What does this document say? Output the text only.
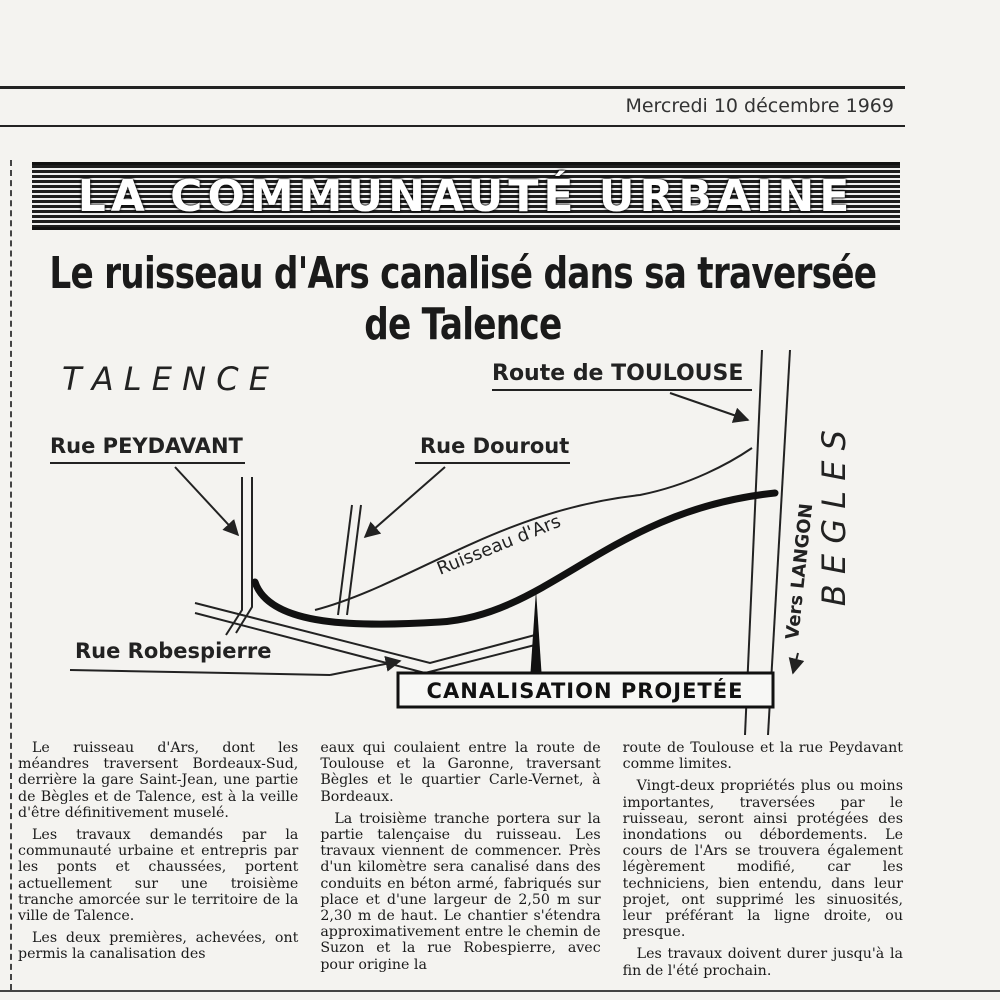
Mercredi 10 décembre 1969
LA COMMUNAUTÉ URBAINE
Le ruisseau d'Ars canalisé dans sa traversée de Talence
T A L E N C E	Route de TOULOUSE
Rue PEYDAVANT	Rue Dourout
Ruisseau d'Ars	B E G L E S
Vers LANGON
Rue Robespierre
CANALISATION PROJETÉE

Le ruisseau d'Ars, dont les méandres traversent Bordeaux-Sud, derrière la gare Saint-Jean, une partie de Bègles et de Talence, est à la veille d'être définitivement muselé.

Les travaux demandés par la communauté urbaine et entrepris par les ponts et chaussées, portent actuellement sur une troisième tranche amorcée sur le territoire de la ville de Talence.

Les deux premières, achevées, ont permis la canalisation des

eaux qui coulaient entre la route de Toulouse et la Garonne, traversant Bègles et le quartier Carle-Vernet, à Bordeaux.

La troisième tranche portera sur la partie talençaise du ruisseau. Les travaux viennent de commencer. Près d'un kilomètre sera canalisé dans des conduits en béton armé, fabriqués sur place et d'une largeur de 2,50 m sur 2,30 m de haut. Le chantier s'étendra approximativement entre le chemin de Suzon et la rue Robespierre, avec pour origine la

route de Toulouse et la rue Peydavant comme limites.

Vingt-deux propriétés plus ou moins importantes, traversées par le ruisseau, seront ainsi protégées des inondations ou débordements. Le cours de l'Ars se trouvera également légèrement modifié, car les techniciens, bien entendu, dans leur projet, ont supprimé les sinuosités, leur préférant la ligne droite, ou presque.

Les travaux doivent durer jusqu'à la fin de l'été prochain.
